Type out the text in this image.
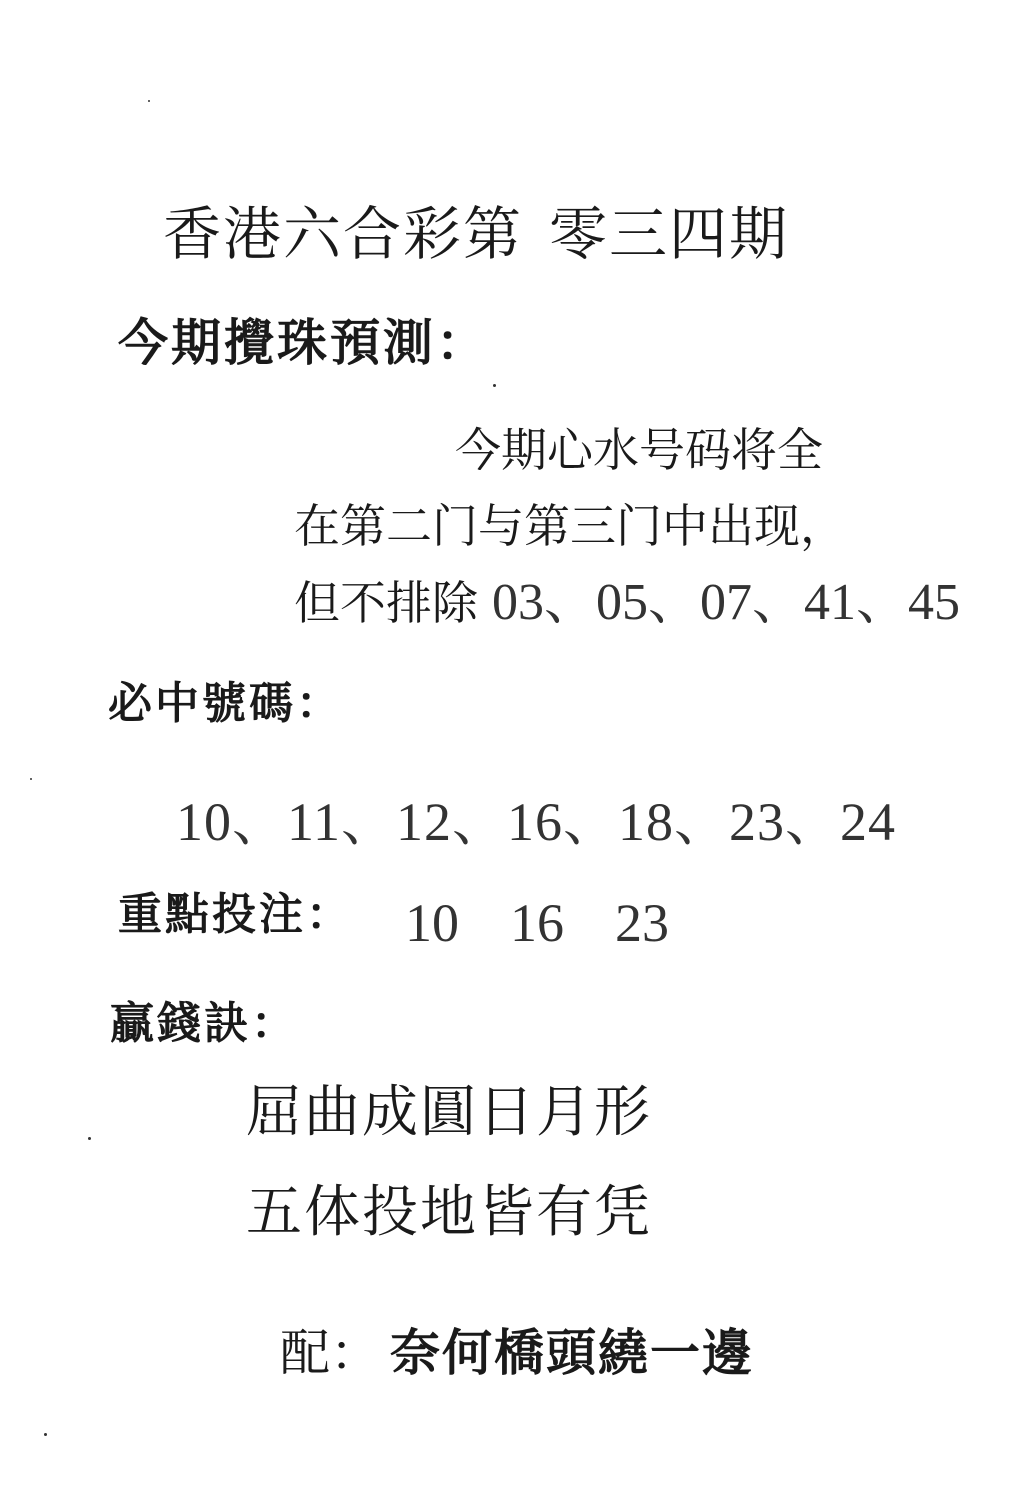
香港六合彩第 零三四期
今期攪珠預測：
今期心水号码将全
在第二门与第三门中出现，
但不排除 03、05、07、41、45
必中號碼：
10、11、12、16、18、23、24
重點投注： 10  16  23
贏錢訣：
屈曲成圓日月形
五体投地皆有凭
配： 奈何橋頭繞一邊
